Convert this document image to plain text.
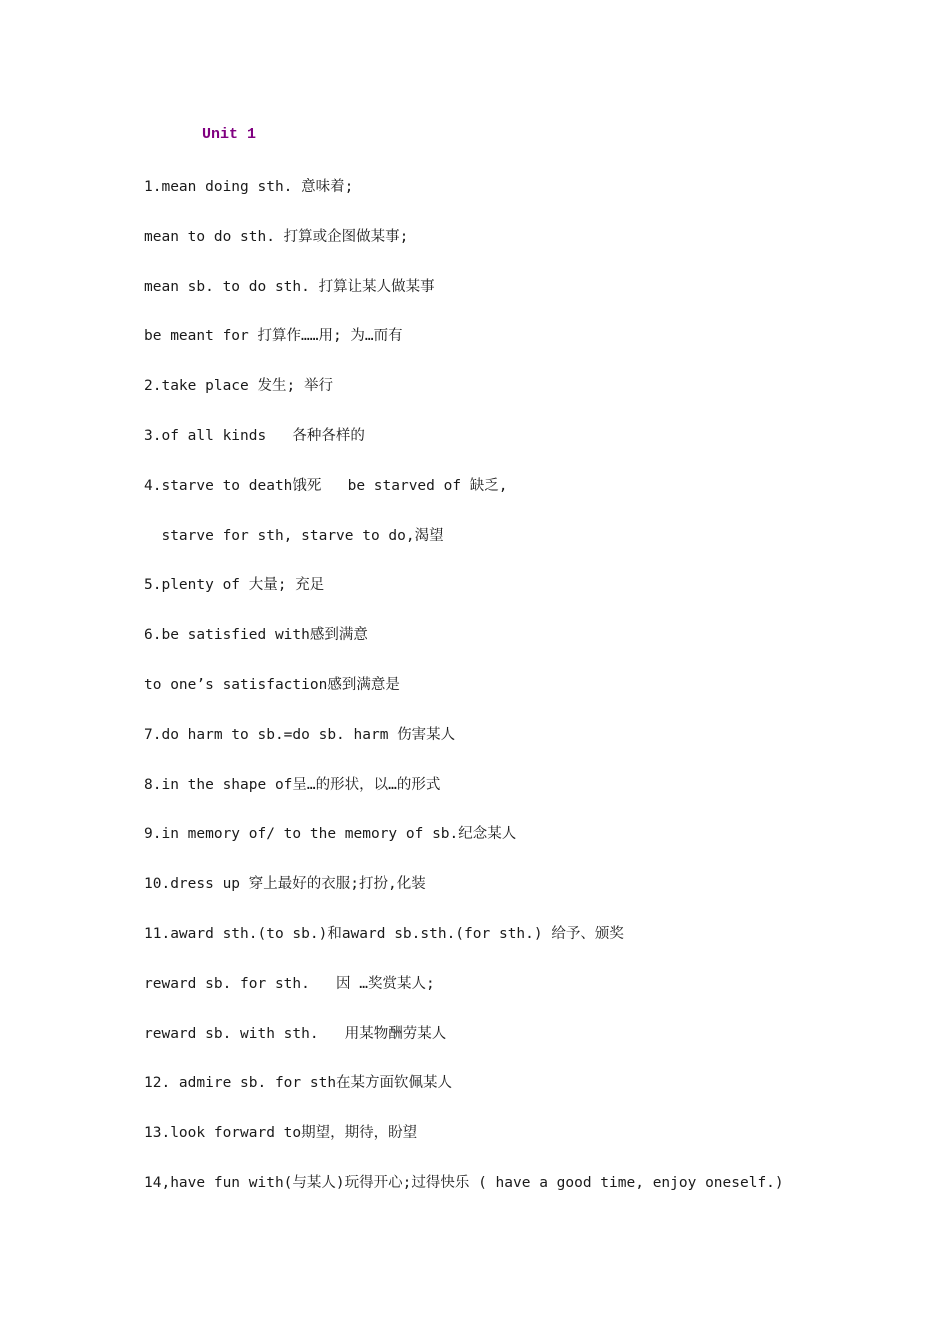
Unit 1
1.mean doing sth. 意味着;
mean to do sth. 打算或企图做某事;
mean sb. to do sth. 打算让某人做某事
be meant for 打算作……用; 为…而有
2.take place 发生; 举行
3.of all kinds   各种各样的
4.starve to death饿死   be starved of 缺乏,
starve for sth, starve to do,渴望
5.plenty of 大量; 充足
6.be satisfied with感到满意
to one’s satisfaction感到满意是
7.do harm to sb.=do sb. harm 伤害某人
8.in the shape of呈…的形状，以…的形式
9.in memory of/ to the memory of sb.纪念某人
10.dress up 穿上最好的衣服;打扮,化装
11.award sth.(to sb.)和award sb.sth.(for sth.) 给予、颁奖
reward sb. for sth.   因 …奖赏某人;
reward sb. with sth.   用某物酬劳某人
12. admire sb. for sth在某方面钦佩某人
13.look forward to期望，期待，盼望
14,have fun with(与某人)玩得开心;过得快乐 ( have a good time, enjoy oneself.)
